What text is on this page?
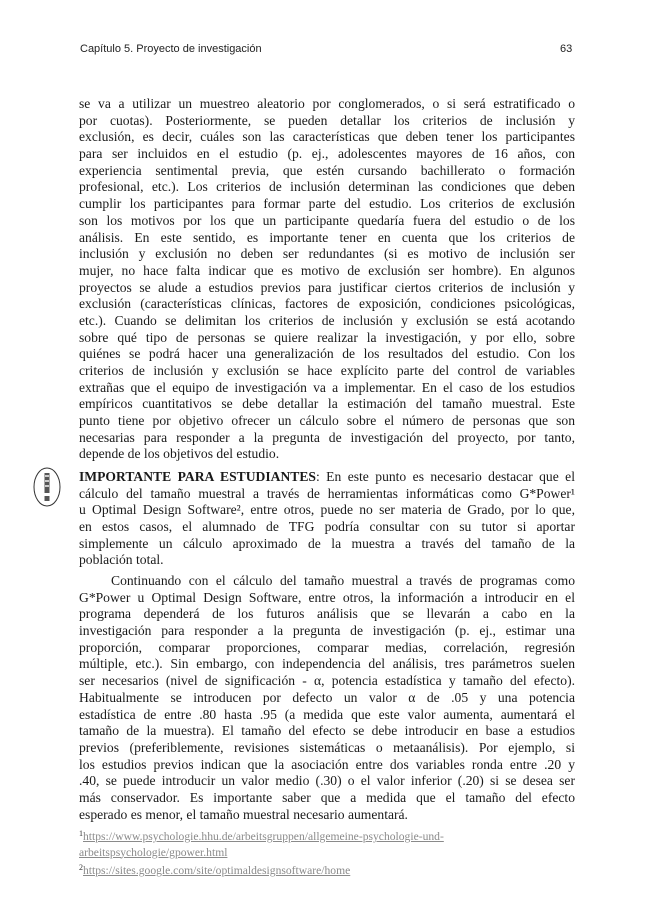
Capítulo 5. Proyecto de investigación	63
se va a utilizar un muestreo aleatorio por conglomerados, o si será estratificado o
por cuotas). Posteriormente, se pueden detallar los criterios de inclusión y
exclusión, es decir, cuáles son las características que deben tener los participantes
para ser incluidos en el estudio (p. ej., adolescentes mayores de 16 años, con
experiencia sentimental previa, que estén cursando bachillerato o formación
profesional, etc.). Los criterios de inclusión determinan las condiciones que deben
cumplir los participantes para formar parte del estudio. Los criterios de exclusión
son los motivos por los que un participante quedaría fuera del estudio o de los
análisis. En este sentido, es importante tener en cuenta que los criterios de
inclusión y exclusión no deben ser redundantes (si es motivo de inclusión ser
mujer, no hace falta indicar que es motivo de exclusión ser hombre). En algunos
proyectos se alude a estudios previos para justificar ciertos criterios de inclusión y
exclusión (características clínicas, factores de exposición, condiciones psicológicas,
etc.). Cuando se delimitan los criterios de inclusión y exclusión se está acotando
sobre qué tipo de personas se quiere realizar la investigación, y por ello, sobre
quiénes se podrá hacer una generalización de los resultados del estudio. Con los
criterios de inclusión y exclusión se hace explícito parte del control de variables
extrañas que el equipo de investigación va a implementar. En el caso de los estudios
empíricos cuantitativos se debe detallar la estimación del tamaño muestral. Este
punto tiene por objetivo ofrecer un cálculo sobre el número de personas que son
necesarias para responder a la pregunta de investigación del proyecto, por tanto,
depende de los objetivos del estudio.
IMPORTANTE PARA ESTUDIANTES: En este punto es necesario destacar que el
cálculo del tamaño muestral a través de herramientas informáticas como G*Power¹
u Optimal Design Software², entre otros, puede no ser materia de Grado, por lo que,
en estos casos, el alumnado de TFG podría consultar con su tutor si aportar
simplemente un cálculo aproximado de la muestra a través del tamaño de la
población total.
Continuando con el cálculo del tamaño muestral a través de programas como
G*Power u Optimal Design Software, entre otros, la información a introducir en el
programa dependerá de los futuros análisis que se llevarán a cabo en la
investigación para responder a la pregunta de investigación (p. ej., estimar una
proporción, comparar proporciones, comparar medias, correlación, regresión
múltiple, etc.). Sin embargo, con independencia del análisis, tres parámetros suelen
ser necesarios (nivel de significación - α, potencia estadística y tamaño del efecto).
Habitualmente se introducen por defecto un valor α de .05 y una potencia
estadística de entre .80 hasta .95 (a medida que este valor aumenta, aumentará el
tamaño de la muestra). El tamaño del efecto se debe introducir en base a estudios
previos (preferiblemente, revisiones sistemáticas o metaanálisis). Por ejemplo, si
los estudios previos indican que la asociación entre dos variables ronda entre .20 y
.40, se puede introducir un valor medio (.30) o el valor inferior (.20) si se desea ser
más conservador. Es importante saber que a medida que el tamaño del efecto
esperado es menor, el tamaño muestral necesario aumentará.
$^1$https://www.psychologie.hhu.de/arbeitsgruppen/allgemeine-psychologie-und-
arbeitspsychologie/gpower.html
$^2$https://sites.google.com/site/optimaldesignsoftware/home
